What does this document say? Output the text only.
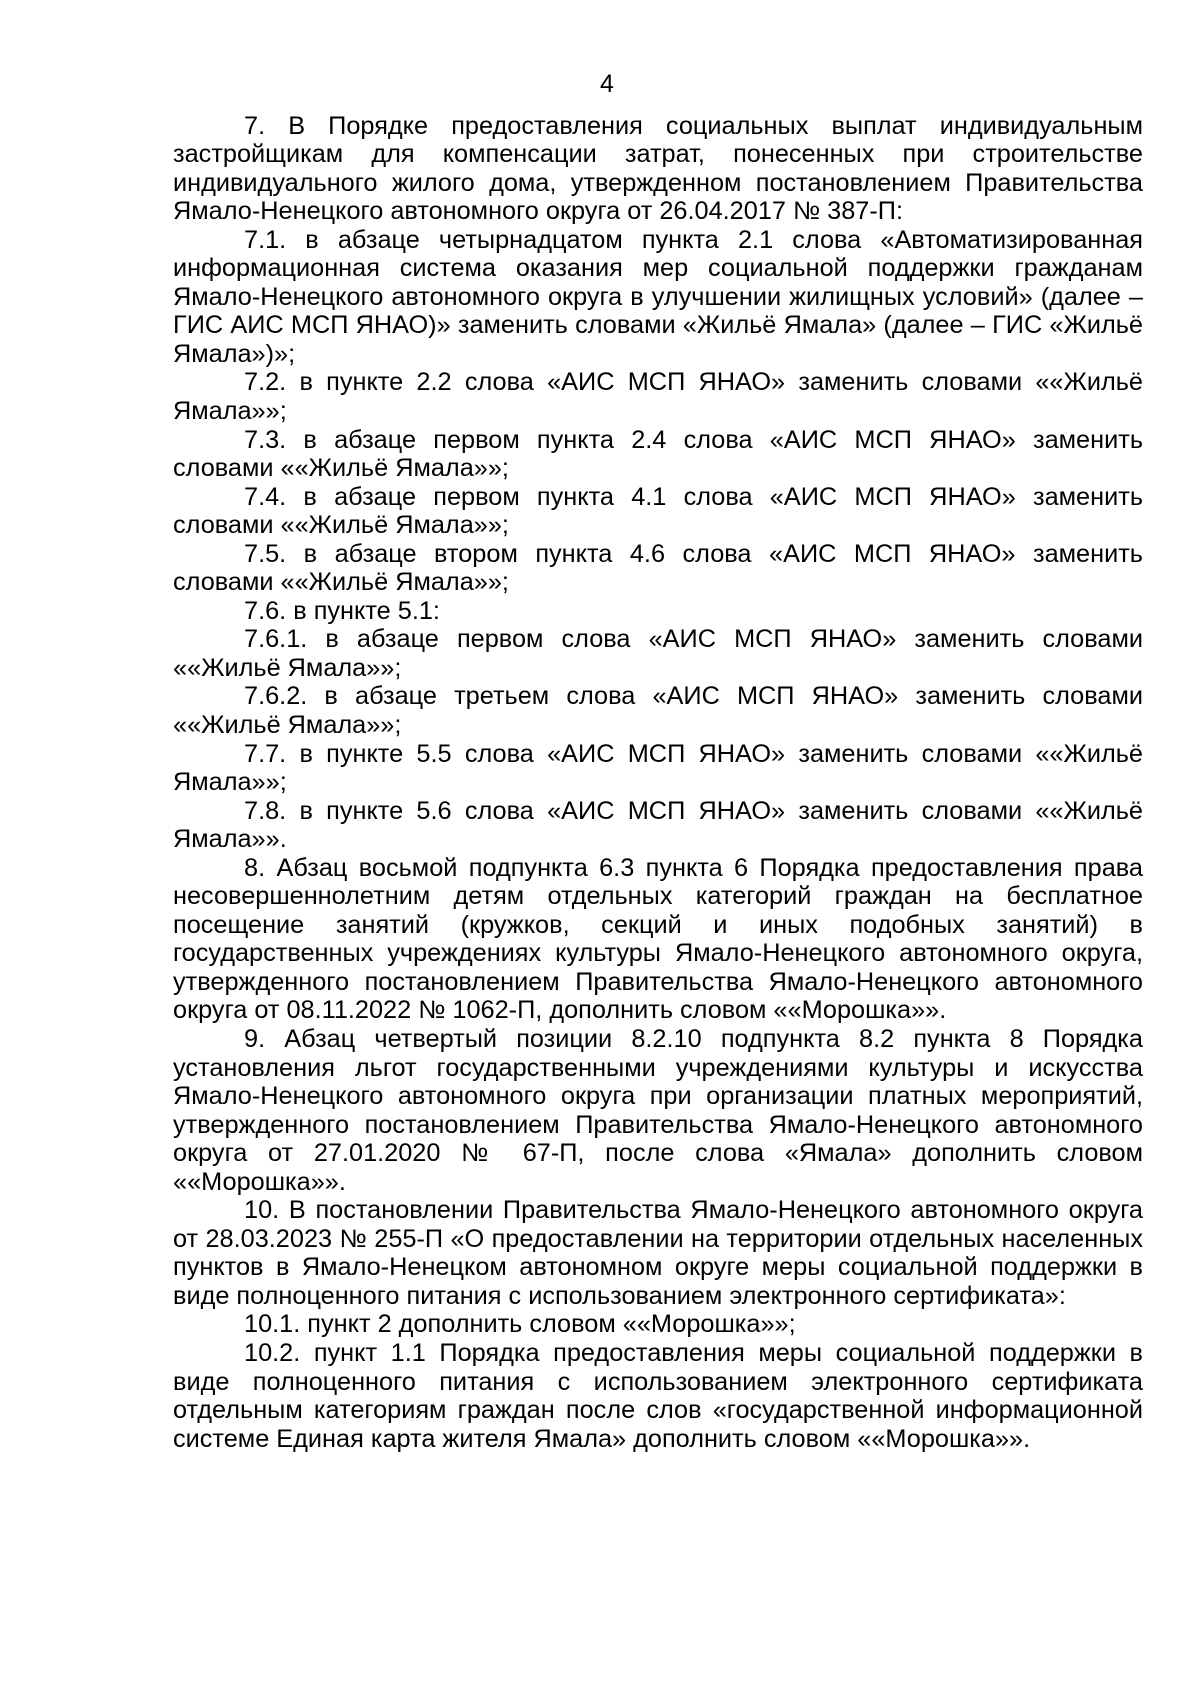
4

7. В Порядке предоставления социальных выплат индивидуальным застройщикам для компенсации затрат, понесенных при строительстве индивидуального жилого дома, утвержденном постановлением Правительства Ямало-Ненецкого автономного округа от 26.04.2017 № 387-П:

7.1. в абзаце четырнадцатом пункта 2.1 слова «Автоматизированная информационная система оказания мер социальной поддержки гражданам Ямало-Ненецкого автономного округа в улучшении жилищных условий» (далее – ГИС АИС МСП ЯНАО)» заменить словами «Жильё Ямала» (далее – ГИС «Жильё Ямала»)»;

7.2. в пункте 2.2 слова «АИС МСП ЯНАО» заменить словами ««Жильё Ямала»»;

7.3. в абзаце первом пункта 2.4 слова «АИС МСП ЯНАО» заменить словами ««Жильё Ямала»»;

7.4. в абзаце первом пункта 4.1 слова «АИС МСП ЯНАО» заменить словами ««Жильё Ямала»»;

7.5. в абзаце втором пункта 4.6 слова «АИС МСП ЯНАО» заменить словами ««Жильё Ямала»»;

7.6. в пункте 5.1:

7.6.1. в абзаце первом слова «АИС МСП ЯНАО» заменить словами ««Жильё Ямала»»;

7.6.2. в абзаце третьем слова «АИС МСП ЯНАО» заменить словами ««Жильё Ямала»»;

7.7. в пункте 5.5 слова «АИС МСП ЯНАО» заменить словами ««Жильё Ямала»»;

7.8. в пункте 5.6 слова «АИС МСП ЯНАО» заменить словами ««Жильё Ямала»».

8. Абзац восьмой подпункта 6.3 пункта 6 Порядка предоставления права несовершеннолетним детям отдельных категорий граждан на бесплатное посещение занятий (кружков, секций и иных подобных занятий) в государственных учреждениях культуры Ямало-Ненецкого автономного округа, утвержденного постановлением Правительства Ямало-Ненецкого автономного округа от 08.11.2022 № 1062-П, дополнить словом ««Морошка»».

9. Абзац четвертый позиции 8.2.10 подпункта 8.2 пункта 8 Порядка установления льгот государственными учреждениями культуры и искусства Ямало-Ненецкого автономного округа при организации платных мероприятий, утвержденного постановлением Правительства Ямало-Ненецкого автономного округа от 27.01.2020 № 67-П, после слова «Ямала» дополнить словом ««Морошка»».

10. В постановлении Правительства Ямало-Ненецкого автономного округа от 28.03.2023 № 255-П «О предоставлении на территории отдельных населенных пунктов в Ямало-Ненецком автономном округе меры социальной поддержки в виде полноценного питания с использованием электронного сертификата»:

10.1. пункт 2 дополнить словом ««Морошка»»;

10.2. пункт 1.1 Порядка предоставления меры социальной поддержки в виде полноценного питания с использованием электронного сертификата отдельным категориям граждан после слов «государственной информационной системе Единая карта жителя Ямала» дополнить словом ««Морошка»».
